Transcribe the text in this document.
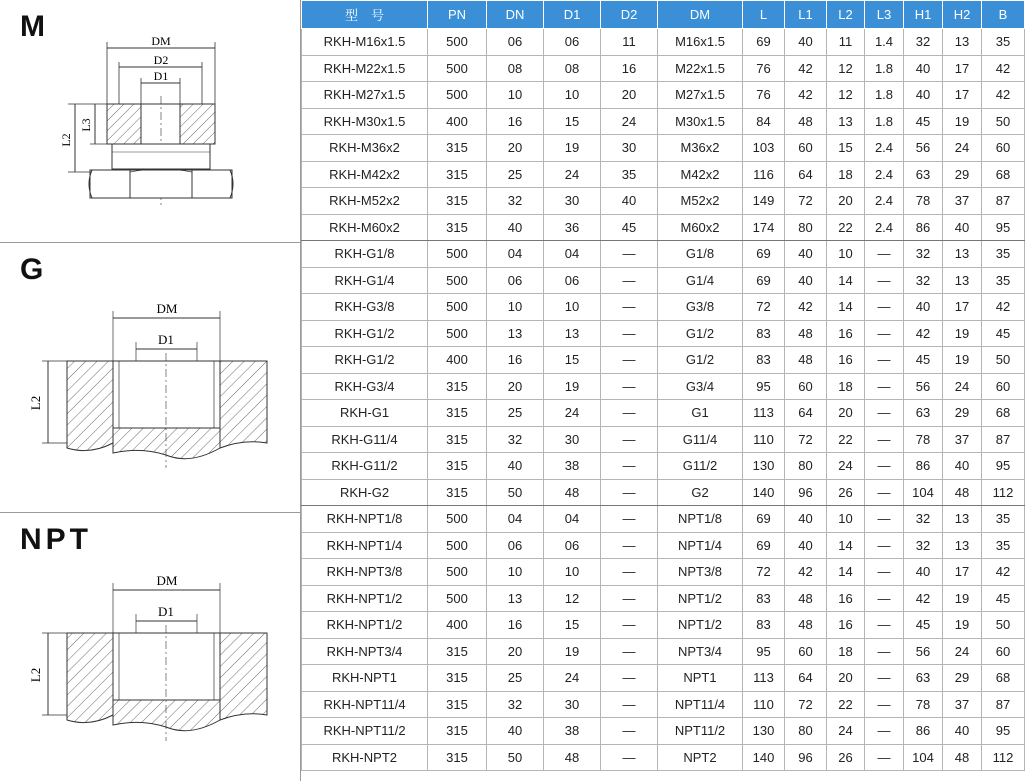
M	DM
D2
D1
L2
L3
G
DM
D1
L2
NPT
DM
D1
L2
型　号	PN	DN	D1	D2	DM	L	L1	L2	L3	H1	H2	B
RKH-M16x1.5	500	06	06	11	M16x1.5	69	40	11	1.4	32	13	35
RKH-M22x1.5	500	08	08	16	M22x1.5	76	42	12	1.8	40	17	42
RKH-M27x1.5	500	10	10	20	M27x1.5	76	42	12	1.8	40	17	42
RKH-M30x1.5	400	16	15	24	M30x1.5	84	48	13	1.8	45	19	50
RKH-M36x2	315	20	19	30	M36x2	103	60	15	2.4	56	24	60
RKH-M42x2	315	25	24	35	M42x2	116	64	18	2.4	63	29	68
RKH-M52x2	315	32	30	40	M52x2	149	72	20	2.4	78	37	87
RKH-M60x2	315	40	36	45	M60x2	174	80	22	2.4	86	40	95
RKH-G1/8	500	04	04	—	G1/8	69	40	10	—	32	13	35
RKH-G1/4	500	06	06	—	G1/4	69	40	14	—	32	13	35
RKH-G3/8	500	10	10	—	G3/8	72	42	14	—	40	17	42
RKH-G1/2	500	13	13	—	G1/2	83	48	16	—	42	19	45
RKH-G1/2	400	16	15	—	G1/2	83	48	16	—	45	19	50
RKH-G3/4	315	20	19	—	G3/4	95	60	18	—	56	24	60
RKH-G1	315	25	24	—	G1	113	64	20	—	63	29	68
RKH-G11/4	315	32	30	—	G11/4	110	72	22	—	78	37	87
RKH-G11/2	315	40	38	—	G11/2	130	80	24	—	86	40	95
RKH-G2	315	50	48	—	G2	140	96	26	—	104	48	112
RKH-NPT1/8	500	04	04	—	NPT1/8	69	40	10	—	32	13	35
RKH-NPT1/4	500	06	06	—	NPT1/4	69	40	14	—	32	13	35
RKH-NPT3/8	500	10	10	—	NPT3/8	72	42	14	—	40	17	42
RKH-NPT1/2	500	13	12	—	NPT1/2	83	48	16	—	42	19	45
RKH-NPT1/2	400	16	15	—	NPT1/2	83	48	16	—	45	19	50
RKH-NPT3/4	315	20	19	—	NPT3/4	95	60	18	—	56	24	60
RKH-NPT1	315	25	24	—	NPT1	113	64	20	—	63	29	68
RKH-NPT11/4	315	32	30	—	NPT11/4	110	72	22	—	78	37	87
RKH-NPT11/2	315	40	38	—	NPT11/2	130	80	24	—	86	40	95
RKH-NPT2	315	50	48	—	NPT2	140	96	26	—	104	48	112
